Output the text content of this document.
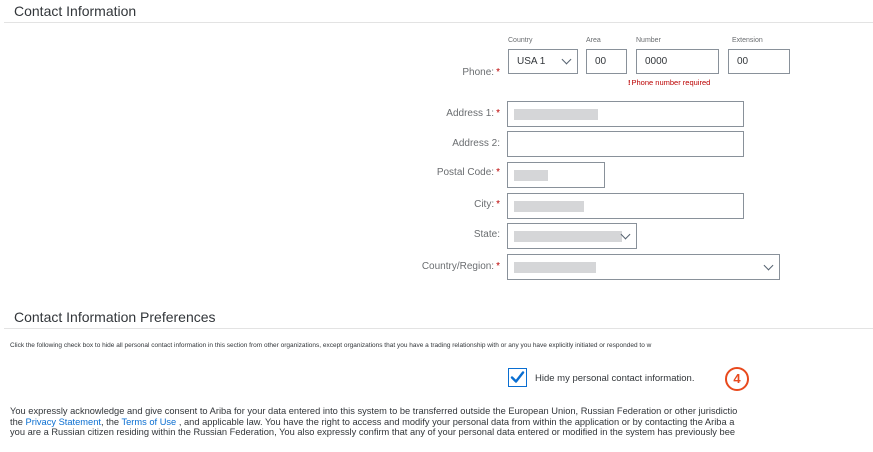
Contact Information
Country	Area	Number	Extension
Phone: *
USA 1	00	0000	00
!Phone number required
Address 1: *
Address 2:
Postal Code: *
City: *
State:
Country/Region: *
Contact Information Preferences
Click the following check box to hide all personal contact information in this section from other organizations, except organizations that you have a trading relationship with or any you have explicitly initiated or responded to w
Hide my personal contact information.	4
You expressly acknowledge and give consent to Ariba for your data entered into this system to be transferred outside the European Union, Russian Federation or other jurisdictio
the Privacy Statement, the Terms of Use , and applicable law. You have the right to access and modify your personal data from within the application or by contacting the Ariba a
you are a Russian citizen residing within the Russian Federation, You also expressly confirm that any of your personal data entered or modified in the system has previously bee
